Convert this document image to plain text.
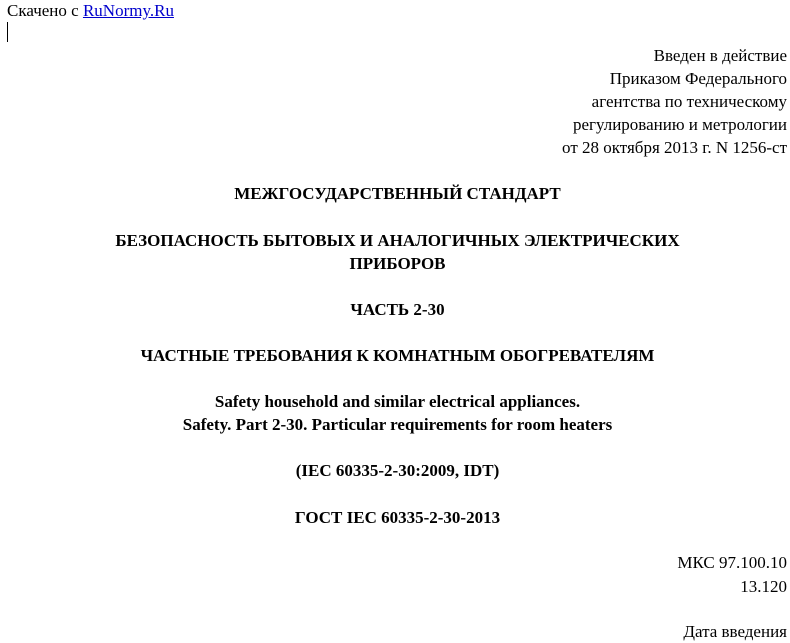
Скачено с RuNormy.Ru
Введен в действие
Приказом Федерального
агентства по техническому
регулированию и метрологии
от 28 октября 2013 г. N 1256-ст
МЕЖГОСУДАРСТВЕННЫЙ СТАНДАРТ
БЕЗОПАСНОСТЬ БЫТОВЫХ И АНАЛОГИЧНЫХ ЭЛЕКТРИЧЕСКИХ
ПРИБОРОВ
ЧАСТЬ 2-30
ЧАСТНЫЕ ТРЕБОВАНИЯ К КОМНАТНЫМ ОБОГРЕВАТЕЛЯМ
Safety household and similar electrical appliances.
Safety. Part 2-30. Particular requirements for room heaters
(IEC 60335-2-30:2009, IDT)
ГОСТ IEC 60335-2-30-2013
МКС 97.100.10
13.120
Дата введения
